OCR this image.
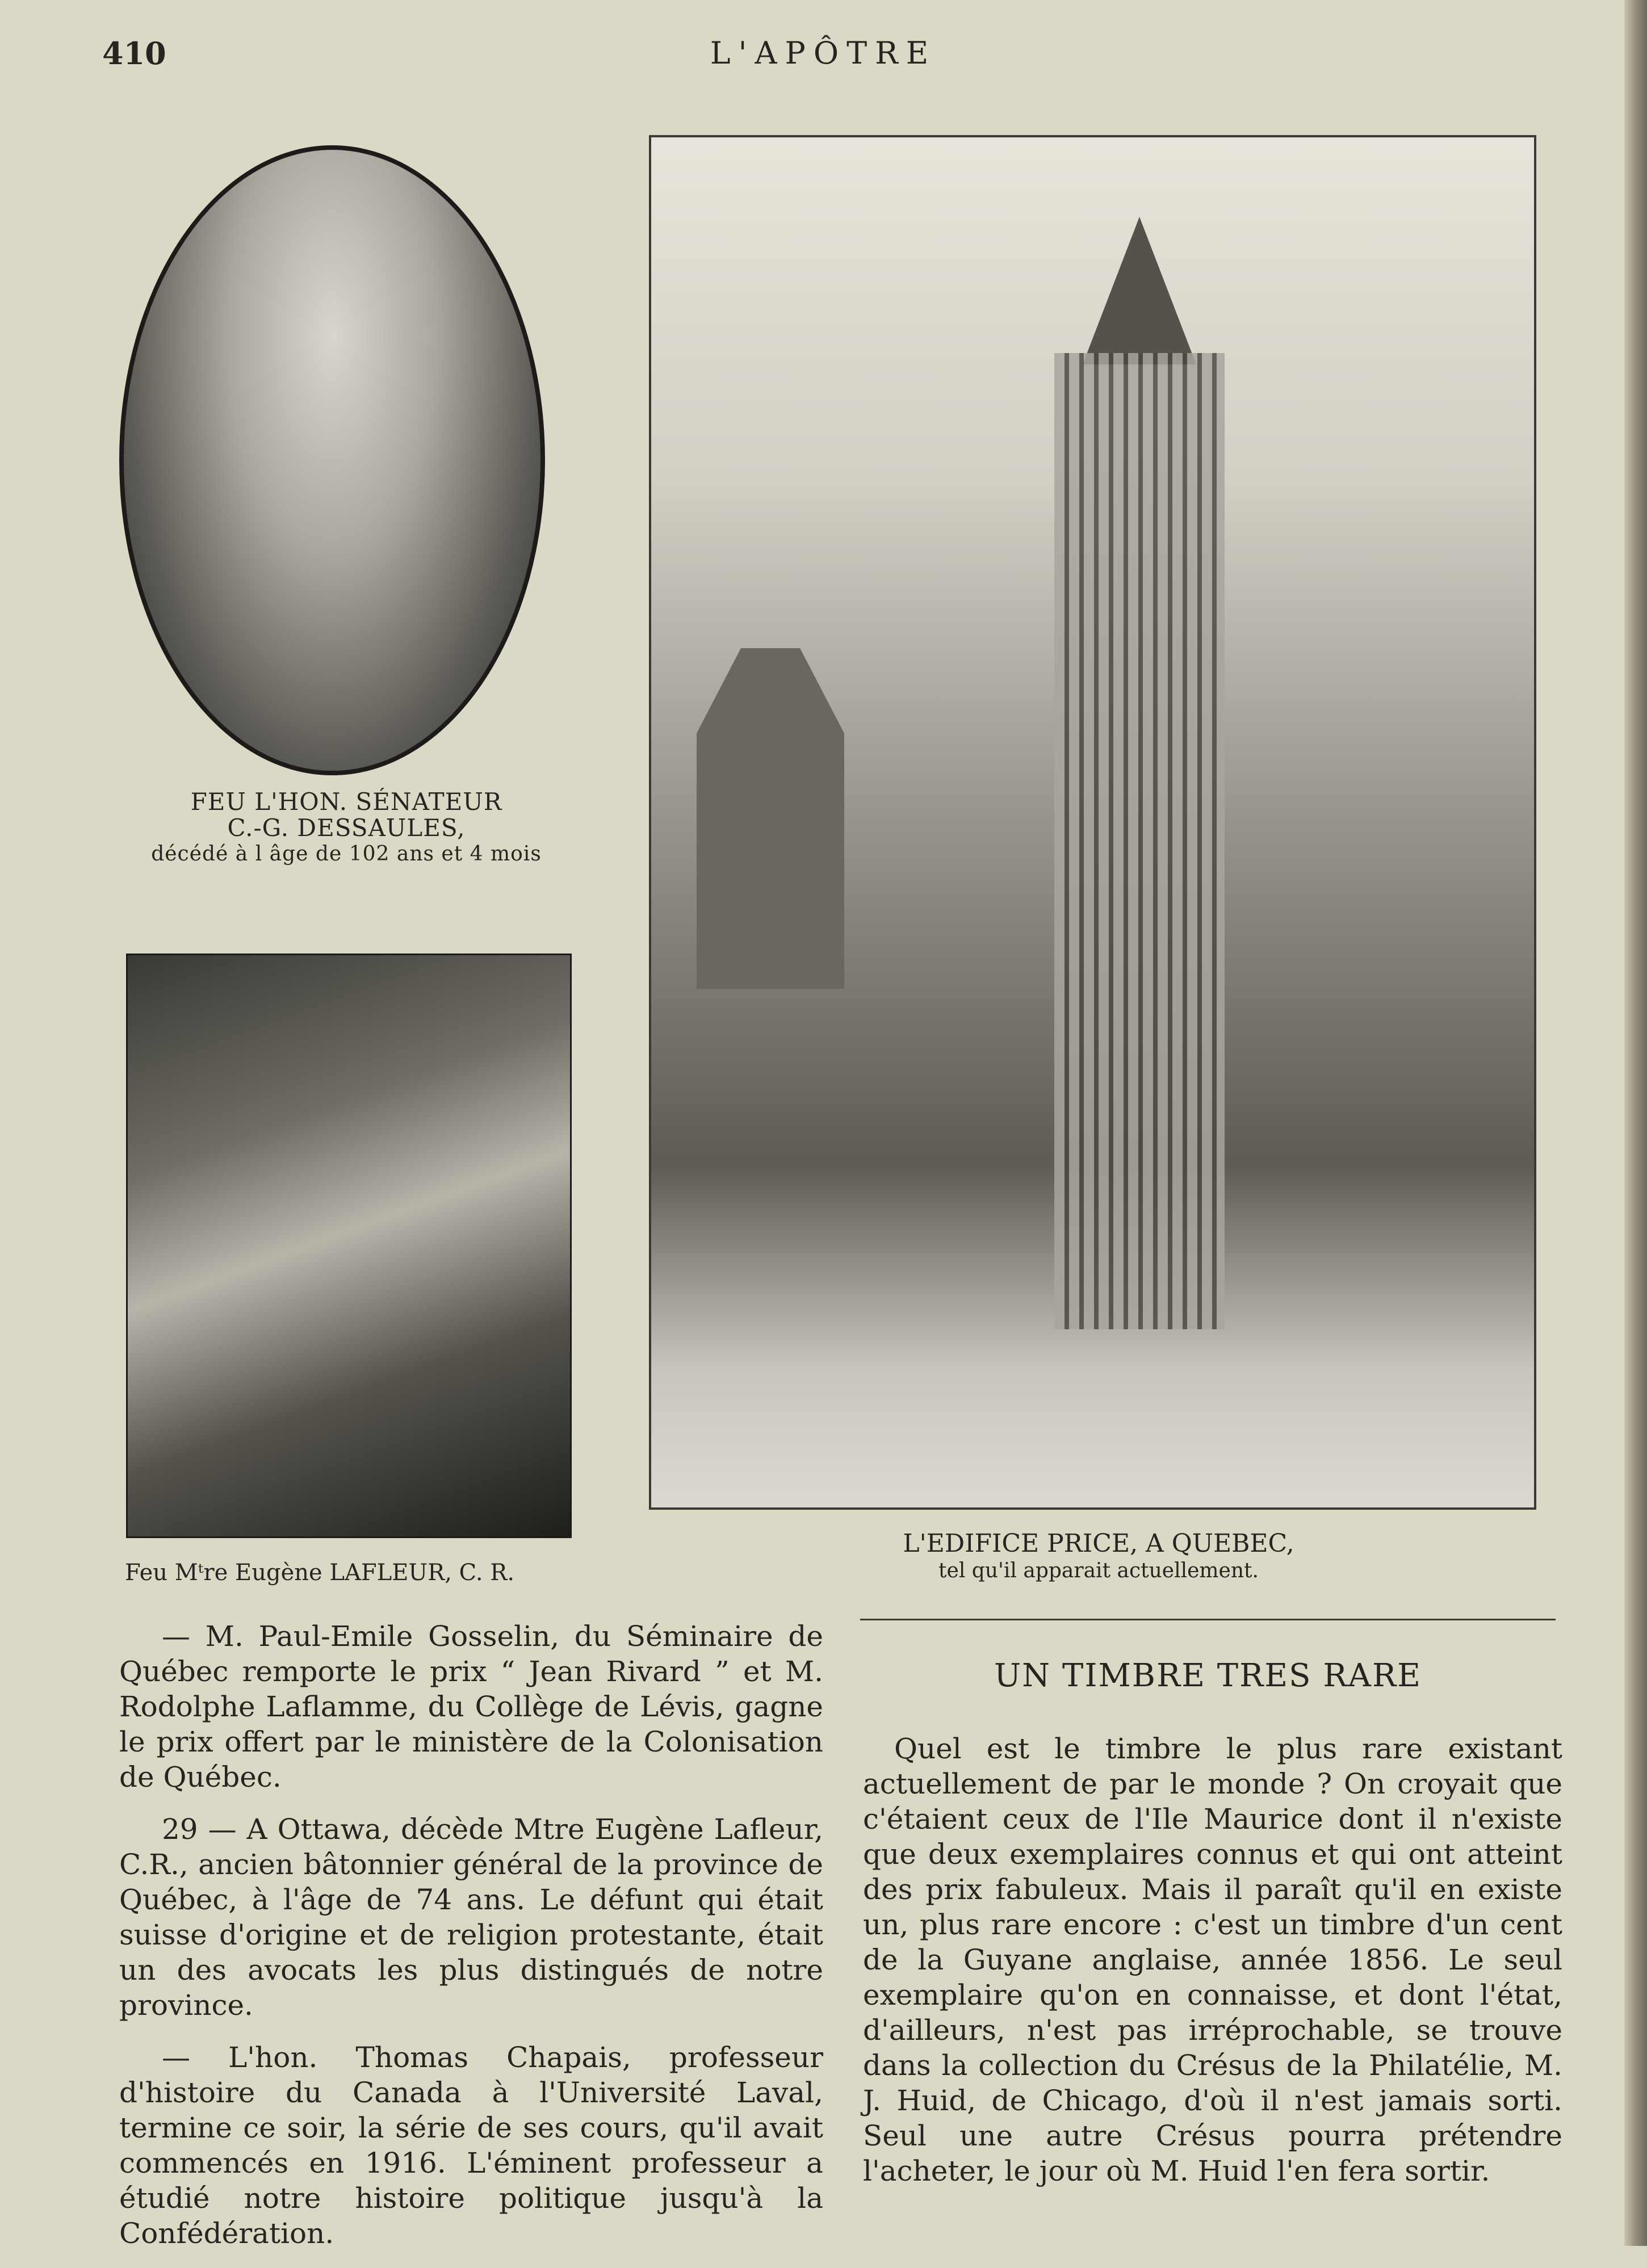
410	L'APÔTRE
FEU L'HON. SÉNATEUR
C.-G. DESSAULES,
décédé à l âge de 102 ans et 4 mois
Feu Mᵗre Eugène LAFLEUR, C. R.
L'EDIFICE PRICE, A QUEBEC,
tel qu'il apparait actuellement.

— M. Paul-Emile Gosselin, du Séminaire de Québec remporte le prix “ Jean Rivard ” et M. Rodolphe Laflamme, du Collège de Lévis, gagne le prix offert par le ministère de la Colonisation de Québec.

29 — A Ottawa, décède Mtre Eugène Lafleur, C.R., ancien bâtonnier général de la province de Québec, à l'âge de 74 ans. Le défunt qui était suisse d'origine et de religion protestante, était un des avocats les plus distingués de notre province.

— L'hon. Thomas Chapais, professeur d'histoire du Canada à l'Université Laval, termine ce soir, la série de ses cours, qu'il avait commencés en 1916. L'éminent professeur a étudié notre histoire politique jusqu'à la Confédération.

UN TIMBRE TRES RARE

Quel est le timbre le plus rare existant actuellement de par le monde ? On croyait que c'étaient ceux de l'Ile Maurice dont il n'existe que deux exemplaires connus et qui ont atteint des prix fabuleux. Mais il paraît qu'il en existe un, plus rare encore : c'est un timbre d'un cent de la Guyane anglaise, année 1856. Le seul exemplaire qu'on en connaisse, et dont l'état, d'ailleurs, n'est pas irréprochable, se trouve dans la collection du Crésus de la Philatélie, M. J. Huid, de Chicago, d'où il n'est jamais sorti. Seul une autre Crésus pourra prétendre l'acheter, le jour où M. Huid l'en fera sortir.
